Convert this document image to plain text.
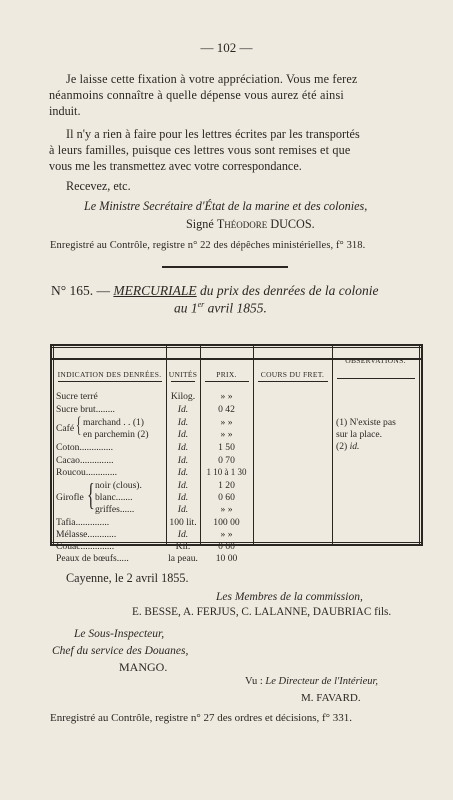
— 102 —
Je laisse cette fixation à votre appréciation. Vous me ferez
néanmoins connaître à quelle dépense vous aurez été ainsi
induit.
Il n'y a rien à faire pour les lettres écrites par les transportés
à leurs familles, puisque ces lettres vous sont remises et que
vous me les transmettez avec votre correspondance.
Recevez, etc.
Le Ministre Secrétaire d'État de la marine et des colonies,
Signé Théodore DUCOS.
Enregistré au Contrôle, registre n° 22 des dépêches ministérielles, f° 318.
N° 165. — MERCURIALE du prix des denrées de la colonie
au 1er avril 1855.
INDICATION DES DENRÉES. UNITÉS	PRIX.	COURS DU FRET.
OBSERVATIONS.
Sucre terré	Kilog.	» »
Sucre brut........	Id.	0 42
Café { marchand . . (1)	Id.	» »
en parchemin (2)	Id.	» »
Coton..............	Id.	1 50
Cacao..............	Id.	0 70
Roucou.............	Id.	1 10 à 1 30
Girofle { noir (clous).	Id.	1 20
blanc.......	Id.	0 60
griffes......	Id.	» »
Tafia..............	100 lit.	100 00
Mélasse............	Id.	» »
Couac..............	Kil.	0 60
Peaux de bœufs.....	la peau.	10 00
(1) N'existe pas
sur la place.
(2) id.
Cayenne, le 2 avril 1855.
Les Membres de la commission,
E. BESSE, A. FERJUS, C. LALANNE, DAUBRIAC fils.
Le Sous-Inspecteur,
Chef du service des Douanes,
MANGO.
Vu : Le Directeur de l'Intérieur,
M. FAVARD.
Enregistré au Contrôle, registre n° 27 des ordres et décisions, f° 331.
